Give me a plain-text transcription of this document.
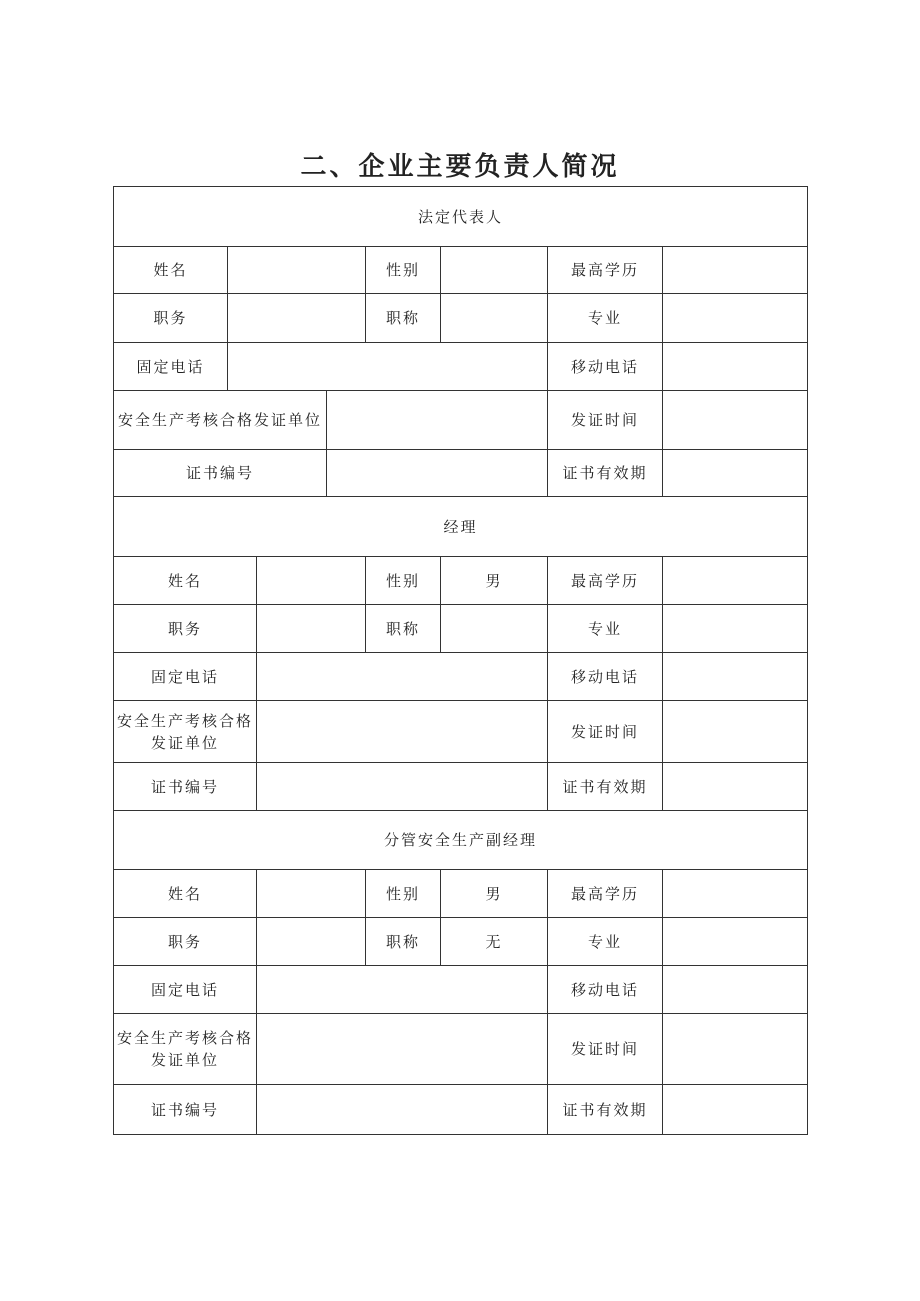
二、企业主要负责人简况
法定代表人							
姓名				性别		最高学历	
职务				职称		专业	
固定电话						移动电话	
安全生产考核合格发证单位						发证时间	
证书编号						证书有效期	
经理							
姓名				性别	男	最高学历	
职务				职称		专业	
固定电话						移动电话	

安全生产考核合格
发证单位						发证时间	
证书编号						证书有效期	
分管安全生产副经理							
姓名				性别	男	最高学历	
职务				职称	无	专业	
固定电话						移动电话	

安全生产考核合格
发证单位						发证时间	
证书编号						证书有效期	
